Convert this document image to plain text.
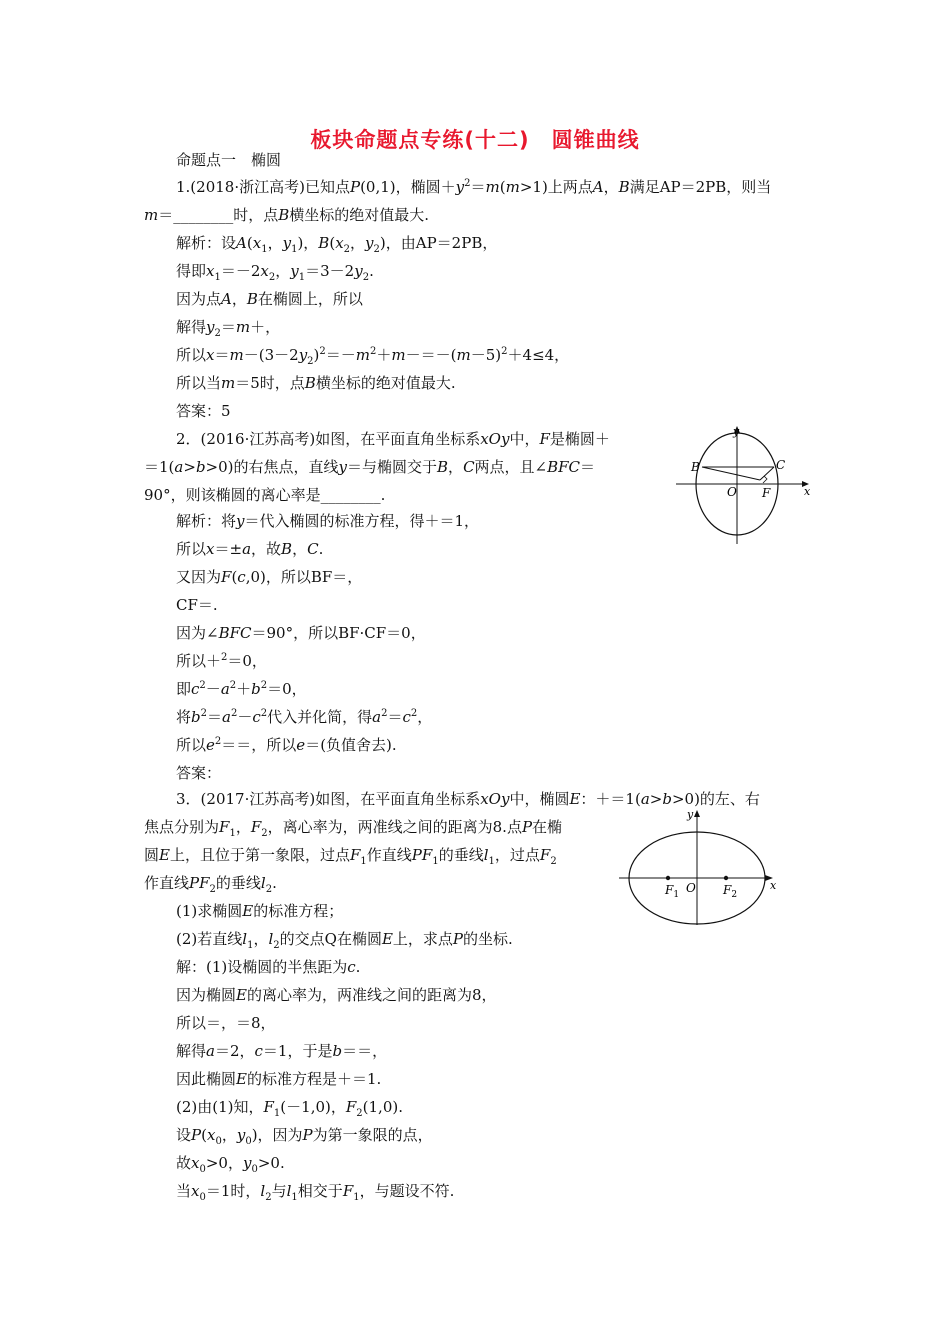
板块命题点专练(十二)　圆锥曲线
命题点一　椭圆
1.(2018·浙江高考)已知点P(0,1)，椭圆$+y^2=m(m>1)$上两点A，B满足AP＝2PB，则当
m＝________时，点B横坐标的绝对值最大.
解析：设$A(x_1$，$y_1$)，$B(x_2$，$y_2$)，由AP＝2PB，
得即$x_1=-2x_2$，$y_1=3-2y_2$.
因为点A，B在椭圆上，所以
解得$y_2=m+$，
所以$x=m-(3-2y_2)^2=-m^2+m-=-(m-5)^2+4\le 4$，
所以当m＝5时，点B横坐标的绝对值最大.
答案：5
2．(2016·江苏高考)如图，在平面直角坐标系xOy中，F是椭圆＋
＝1(a>b>0)的右焦点，直线y＝与椭圆交于B，C两点，且∠BFC＝
90°，则该椭圆的离心率是________.
解析：将y＝代入椭圆的标准方程，得＋＝1，
所以x＝±a，故B，C.
又因为F(c,0)，所以BF＝，
CF＝.
因为∠BFC＝90°，所以BF·CF＝0，
所以＋$^2$＝0，
即$c^2-a^2+b^2=0$，
将$b^2=a^2-c^2$代入并化简，得$a^2=c^2$，
所以$e^2==$，所以e＝(负值舍去).
答案：
y
x
B	C
O F
3．(2017·江苏高考)如图，在平面直角坐标系xOy中，椭圆E：＋＝1(a>b>0)的左、右
焦点分别为$F_1$，$F_2$，离心率为，两准线之间的距离为8.点P在椭
圆E上，且位于第一象限，过点$F_1$作直线$PF_1$的垂线$l_1$，过点$F_2$
作直线$PF_2$的垂线$l_2$.
(1)求椭圆E的标准方程；
(2)若直线$l_1$，$l_2$的交点Q在椭圆E上，求点P的坐标.
解：(1)设椭圆的半焦距为c.
因为椭圆E的离心率为，两准线之间的距离为8，
所以＝，＝8，
解得a＝2，c＝1，于是b＝＝，
因此椭圆E的标准方程是＋＝1.
(2)由(1)知，$F_1(-1,0)$，$F_2(1,0)$.
设$P(x_0$，$y_0$)，因为P为第一象限的点，
故$x_0>0$，$y_0>0$.
当$x_0=1$时，$l_2$与$l_1$相交于$F_1$，与题设不符.
y
x
$F_1$ O $F_2$
